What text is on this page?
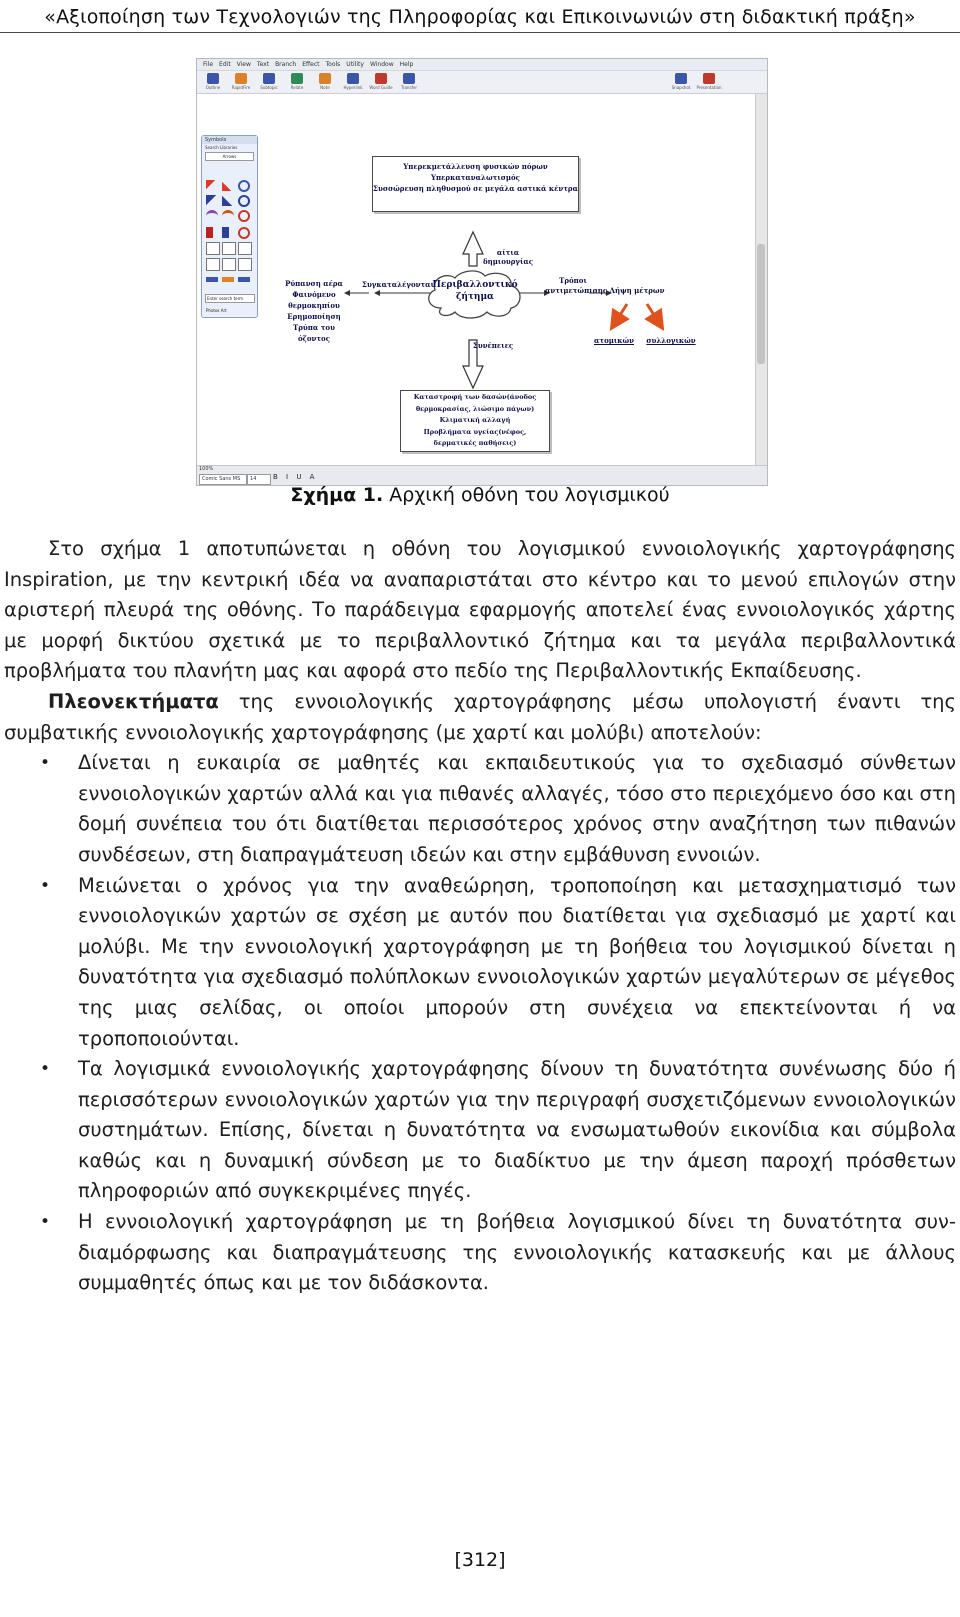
«Αξιοποίηση των Τεχνολογιών της Πληροφορίας και Επικοινωνιών στη διδακτική πράξη»
File Edit View Text Branch Effect Tools Utility Window Help
Outline	RapidFire	Subtopic	Relate	Note	Hyperlink	Word Guide	Transfer	Snapshot	Presentation
Υπερεκμετάλλευση φυσικών πόρων
Υπερκαταναλωτισμός
Συσσώρευση πληθυσμού σε μεγάλα αστικά κέντρα
αίτια δημιουργίας
Περιβαλλοντικό
ζήτημα
Συγκαταλέγονται
Ρύπανση αέρα
Φαινόμενο
θερμοκηπίου
Ερημοποίηση
Τρύπα του όζοντος
Τρόποι
αντιμετώπισης Λήψη μέτρων
ατομικών	συλλογικών
Συνέπειες
Καταστροφή των δασών(άνοδος
θερμοκρασίας, λιώσιμο πάγων)
Κλιματική αλλαγή
Προβλήματα υγείας(νέφος,
δερματικές παθήσεις)
Symbols
Search Libraries
Arrows
Enter search term
Photos Art
100%
Comic Sans MS	14	B I U A
Σχήμα 1. Αρχική οθόνη του λογισμικού

Στο σχήμα 1 αποτυπώνεται η οθόνη του λογισμικού εννοιολογικής χαρτογράφησης Inspiration, με την κεντρική ιδέα να αναπαριστάται στο κέντρο και το μενού επιλογών στην αριστερή πλευρά της οθόνης. Το παράδειγμα εφαρμογής αποτελεί ένας εννοιολογικός χάρτης με μορφή δικτύου σχετικά με το περιβαλλοντικό ζήτημα και τα μεγάλα περιβαλλοντικά προβλήματα του πλανήτη μας και αφορά στο πεδίο της Περιβαλλοντικής Εκπαίδευσης.

Πλεονεκτήματα της εννοιολογικής χαρτογράφησης μέσω υπολογιστή έναντι της συμβατικής εννοιολογικής χαρτογράφησης (με χαρτί και μολύβι) αποτελούν:

• Δίνεται η ευκαιρία σε μαθητές και εκπαιδευτικούς για το σχεδιασμό σύνθετων εννοιολογικών χαρτών αλλά και για πιθανές αλλαγές, τόσο στο περιεχόμενο όσο και στη δομή συνέπεια του ότι διατίθεται περισσότερος χρόνος στην αναζήτηση των πιθανών συνδέσεων, στη διαπραγμάτευση ιδεών και στην εμβάθυνση εννοιών.
• Μειώνεται ο χρόνος για την αναθεώρηση, τροποποίηση και μετασχηματισμό των εννοιολογικών χαρτών σε σχέση με αυτόν που διατίθεται για σχεδιασμό με χαρτί και μολύβι. Με την εννοιολογική χαρτογράφηση με τη βοήθεια του λογισμικού δίνεται η δυνατότητα για σχεδιασμό πολύπλοκων εννοιολογικών χαρτών μεγαλύτερων σε μέγεθος της μιας σελίδας, οι οποίοι μπορούν στη συνέχεια να επεκτείνονται ή να τροποποιούνται.
• Τα λογισμικά εννοιολογικής χαρτογράφησης δίνουν τη δυνατότητα συνένωσης δύο ή περισσότερων εννοιολογικών χαρτών για την περιγραφή συσχετιζόμενων εννοιολογικών συστημάτων. Επίσης, δίνεται η δυνατότητα να ενσωματωθούν εικονίδια και σύμβολα καθώς και η δυναμική σύνδεση με το διαδίκτυο με την άμεση παροχή πρόσθετων πληροφοριών από συγκεκριμένες πηγές.
• Η εννοιολογική χαρτογράφηση με τη βοήθεια λογισμικού δίνει τη δυνατότητα συν-διαμόρφωσης και διαπραγμάτευσης της εννοιολογικής κατασκευής και με άλλους συμμαθητές όπως και με τον διδάσκοντα.
[312]
